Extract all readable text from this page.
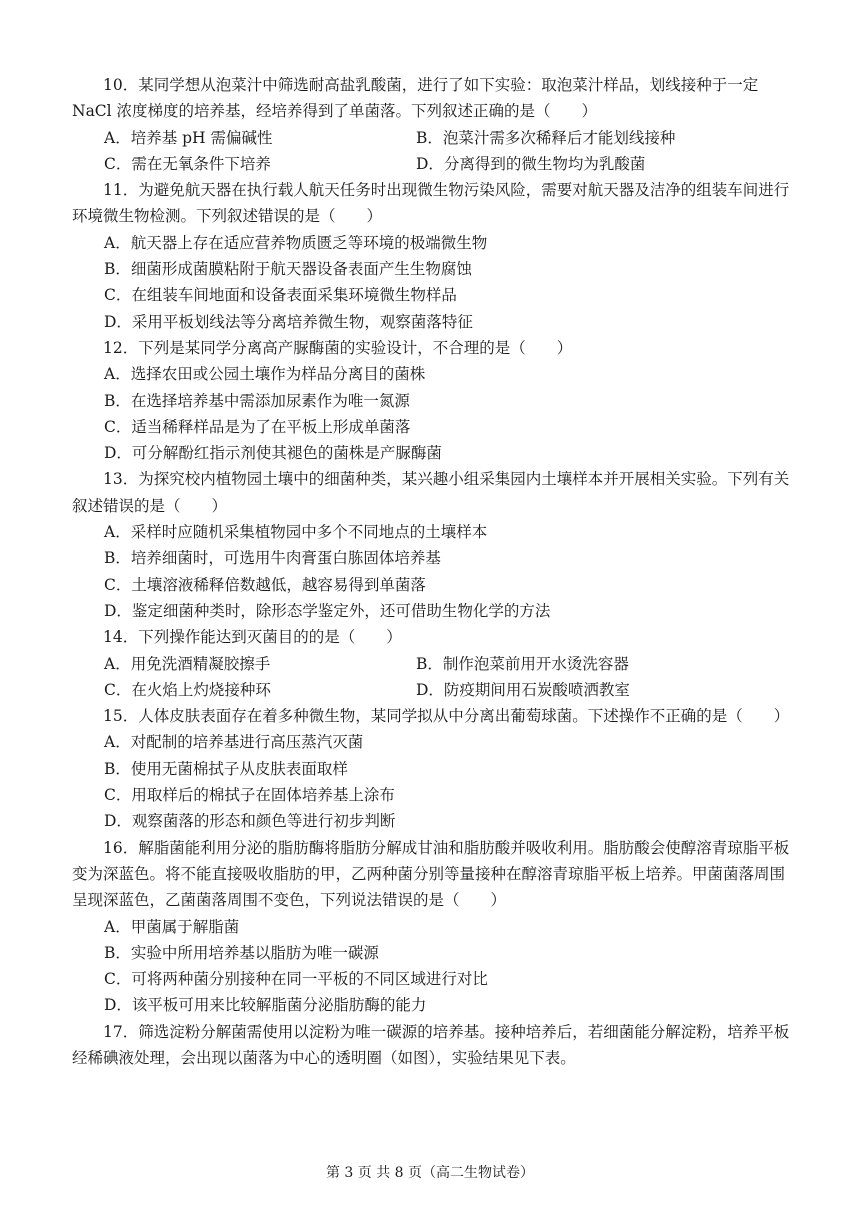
10．某同学想从泡菜汁中筛选耐高盐乳酸菌，进行了如下实验：取泡菜汁样品，划线接种于一定 NaCl 浓度梯度的培养基，经培养得到了单菌落。下列叙述正确的是（　　）
A．培养基 pH 需偏碱性	B．泡菜汁需多次稀释后才能划线接种
C．需在无氧条件下培养	D．分离得到的微生物均为乳酸菌
11．为避免航天器在执行载人航天任务时出现微生物污染风险，需要对航天器及洁净的组装车间进行环境微生物检测。下列叙述错误的是（　　）
A．航天器上存在适应营养物质匮乏等环境的极端微生物
B．细菌形成菌膜粘附于航天器设备表面产生生物腐蚀
C．在组装车间地面和设备表面采集环境微生物样品
D．采用平板划线法等分离培养微生物，观察菌落特征
12．下列是某同学分离高产脲酶菌的实验设计，不合理的是（　　）
A．选择农田或公园土壤作为样品分离目的菌株
B．在选择培养基中需添加尿素作为唯一氮源
C．适当稀释样品是为了在平板上形成单菌落
D．可分解酚红指示剂使其褪色的菌株是产脲酶菌
13．为探究校内植物园土壤中的细菌种类，某兴趣小组采集园内土壤样本并开展相关实验。下列有关叙述错误的是（　　）
A．采样时应随机采集植物园中多个不同地点的土壤样本
B．培养细菌时，可选用牛肉膏蛋白胨固体培养基
C．土壤溶液稀释倍数越低，越容易得到单菌落
D．鉴定细菌种类时，除形态学鉴定外，还可借助生物化学的方法
14．下列操作能达到灭菌目的的是（　　）
A．用免洗酒精凝胶擦手	B．制作泡菜前用开水烫洗容器
C．在火焰上灼烧接种环	D．防疫期间用石炭酸喷洒教室
15．人体皮肤表面存在着多种微生物，某同学拟从中分离出葡萄球菌。下述操作不正确的是（　　）
A．对配制的培养基进行高压蒸汽灭菌
B．使用无菌棉拭子从皮肤表面取样
C．用取样后的棉拭子在固体培养基上涂布
D．观察菌落的形态和颜色等进行初步判断
16．解脂菌能利用分泌的脂肪酶将脂肪分解成甘油和脂肪酸并吸收利用。脂肪酸会使醇溶青琼脂平板变为深蓝色。将不能直接吸收脂肪的甲，乙两种菌分别等量接种在醇溶青琼脂平板上培养。甲菌菌落周围呈现深蓝色，乙菌菌落周围不变色，下列说法错误的是（　　）
A．甲菌属于解脂菌
B．实验中所用培养基以脂肪为唯一碳源
C．可将两种菌分别接种在同一平板的不同区域进行对比
D．该平板可用来比较解脂菌分泌脂肪酶的能力
17．筛选淀粉分解菌需使用以淀粉为唯一碳源的培养基。接种培养后，若细菌能分解淀粉，培养平板经稀碘液处理，会出现以菌落为中心的透明圈（如图），实验结果见下表。
第 3 页 共 8 页（高二生物试卷）
